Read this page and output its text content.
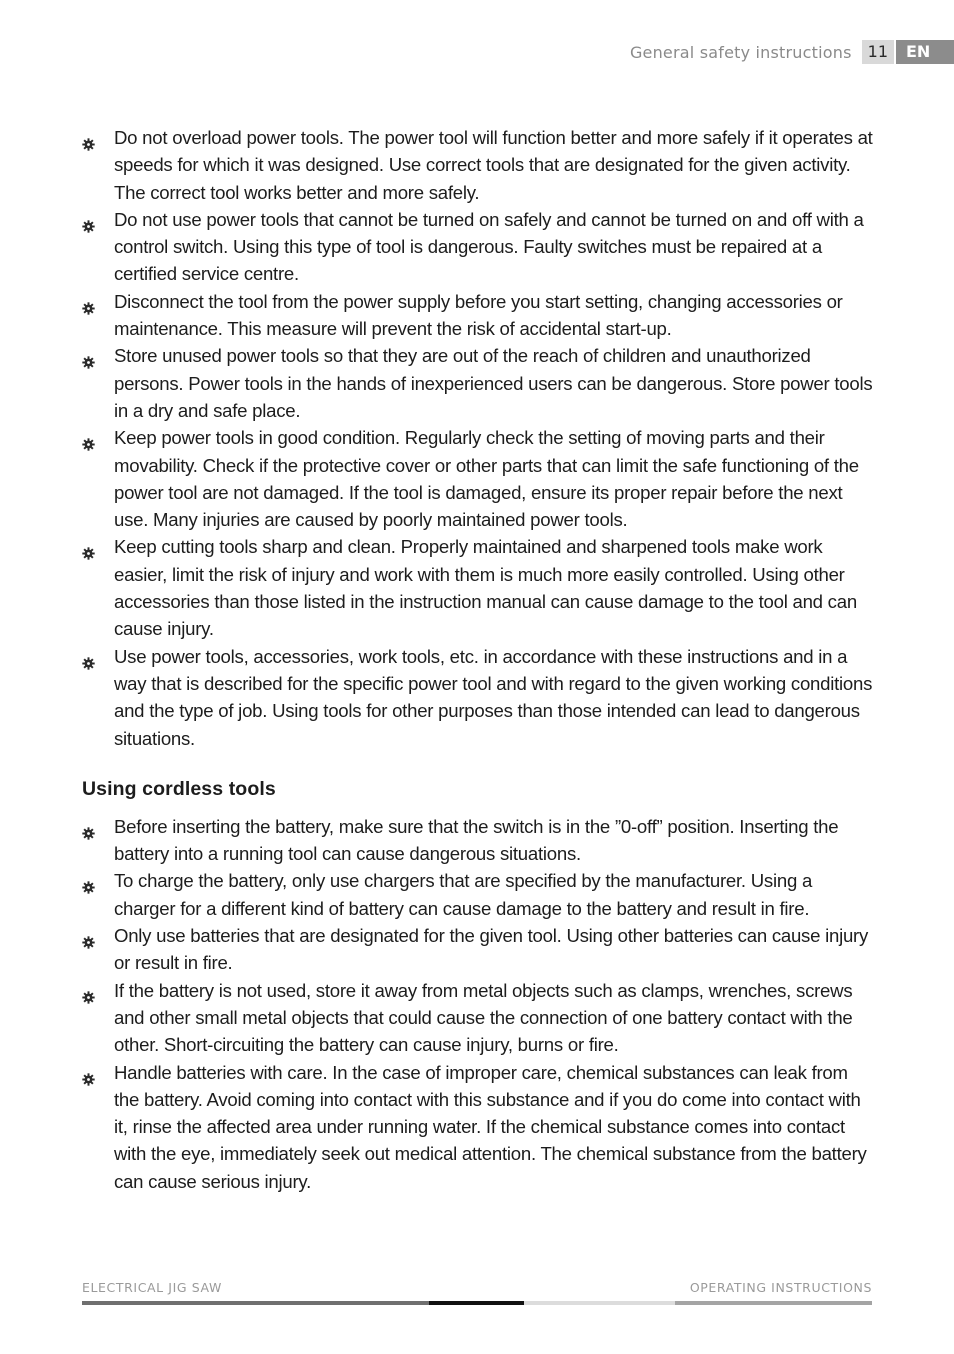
General safety instructions	11	EN
Do not overload power tools. The power tool will function better and more safely if it operates at speeds for which it was designed. Use correct tools that are designated for the given activity. The correct tool works better and more safely.
Do not use power tools that cannot be turned on safely and cannot be turned on and off with a control switch. Using this type of tool is dangerous. Faulty switches must be repaired at a certified service centre.
Disconnect the tool from the power supply before you start setting, changing accessories or maintenance. This measure will prevent the risk of accidental start-up.
Store unused power tools so that they are out of the reach of children and unauthorized persons. Power tools in the hands of inexperienced users can be dangerous. Store power tools in a dry and safe place.
Keep power tools in good condition. Regularly check the setting of moving parts and their movability. Check if the protective cover or other parts that can limit the safe functioning of the power tool are not damaged. If the tool is damaged, ensure its proper repair before the next use. Many injuries are caused by poorly maintained power tools.
Keep cutting tools sharp and clean. Properly maintained and sharpened tools make work easier, limit the risk of injury and work with them is much more easily controlled. Using other accessories than those listed in the instruction manual can cause damage to the tool and can cause injury.
Use power tools, accessories, work tools, etc. in accordance with these instructions and in a way that is described for the specific power tool and with regard to the given working conditions and the type of job. Using tools for other purposes than those intended can lead to dangerous situations.
Using cordless tools
Before inserting the battery, make sure that the switch is in the ”0-off” position. Inserting the battery into a running tool can cause dangerous situations.
To charge the battery, only use chargers that are specified by the manufacturer. Using a charger for a different kind of battery can cause damage to the battery and result in fire.
Only use batteries that are designated for the given tool. Using other batteries can cause injury or result in fire.
If the battery is not used, store it away from metal objects such as clamps, wrenches, screws and other small metal objects that could cause the connection of one battery contact with the other. Short-circuiting the battery can cause injury, burns or fire.
Handle batteries with care. In the case of improper care, chemical substances can leak from the battery. Avoid coming into contact with this substance and if you do come into contact with it, rinse the affected area under running water. If the chemical substance comes into contact with the eye, immediately seek out medical attention. The chemical substance from the battery can cause serious injury.
ELECTRICAL JIG SAW	OPERATING INSTRUCTIONS
